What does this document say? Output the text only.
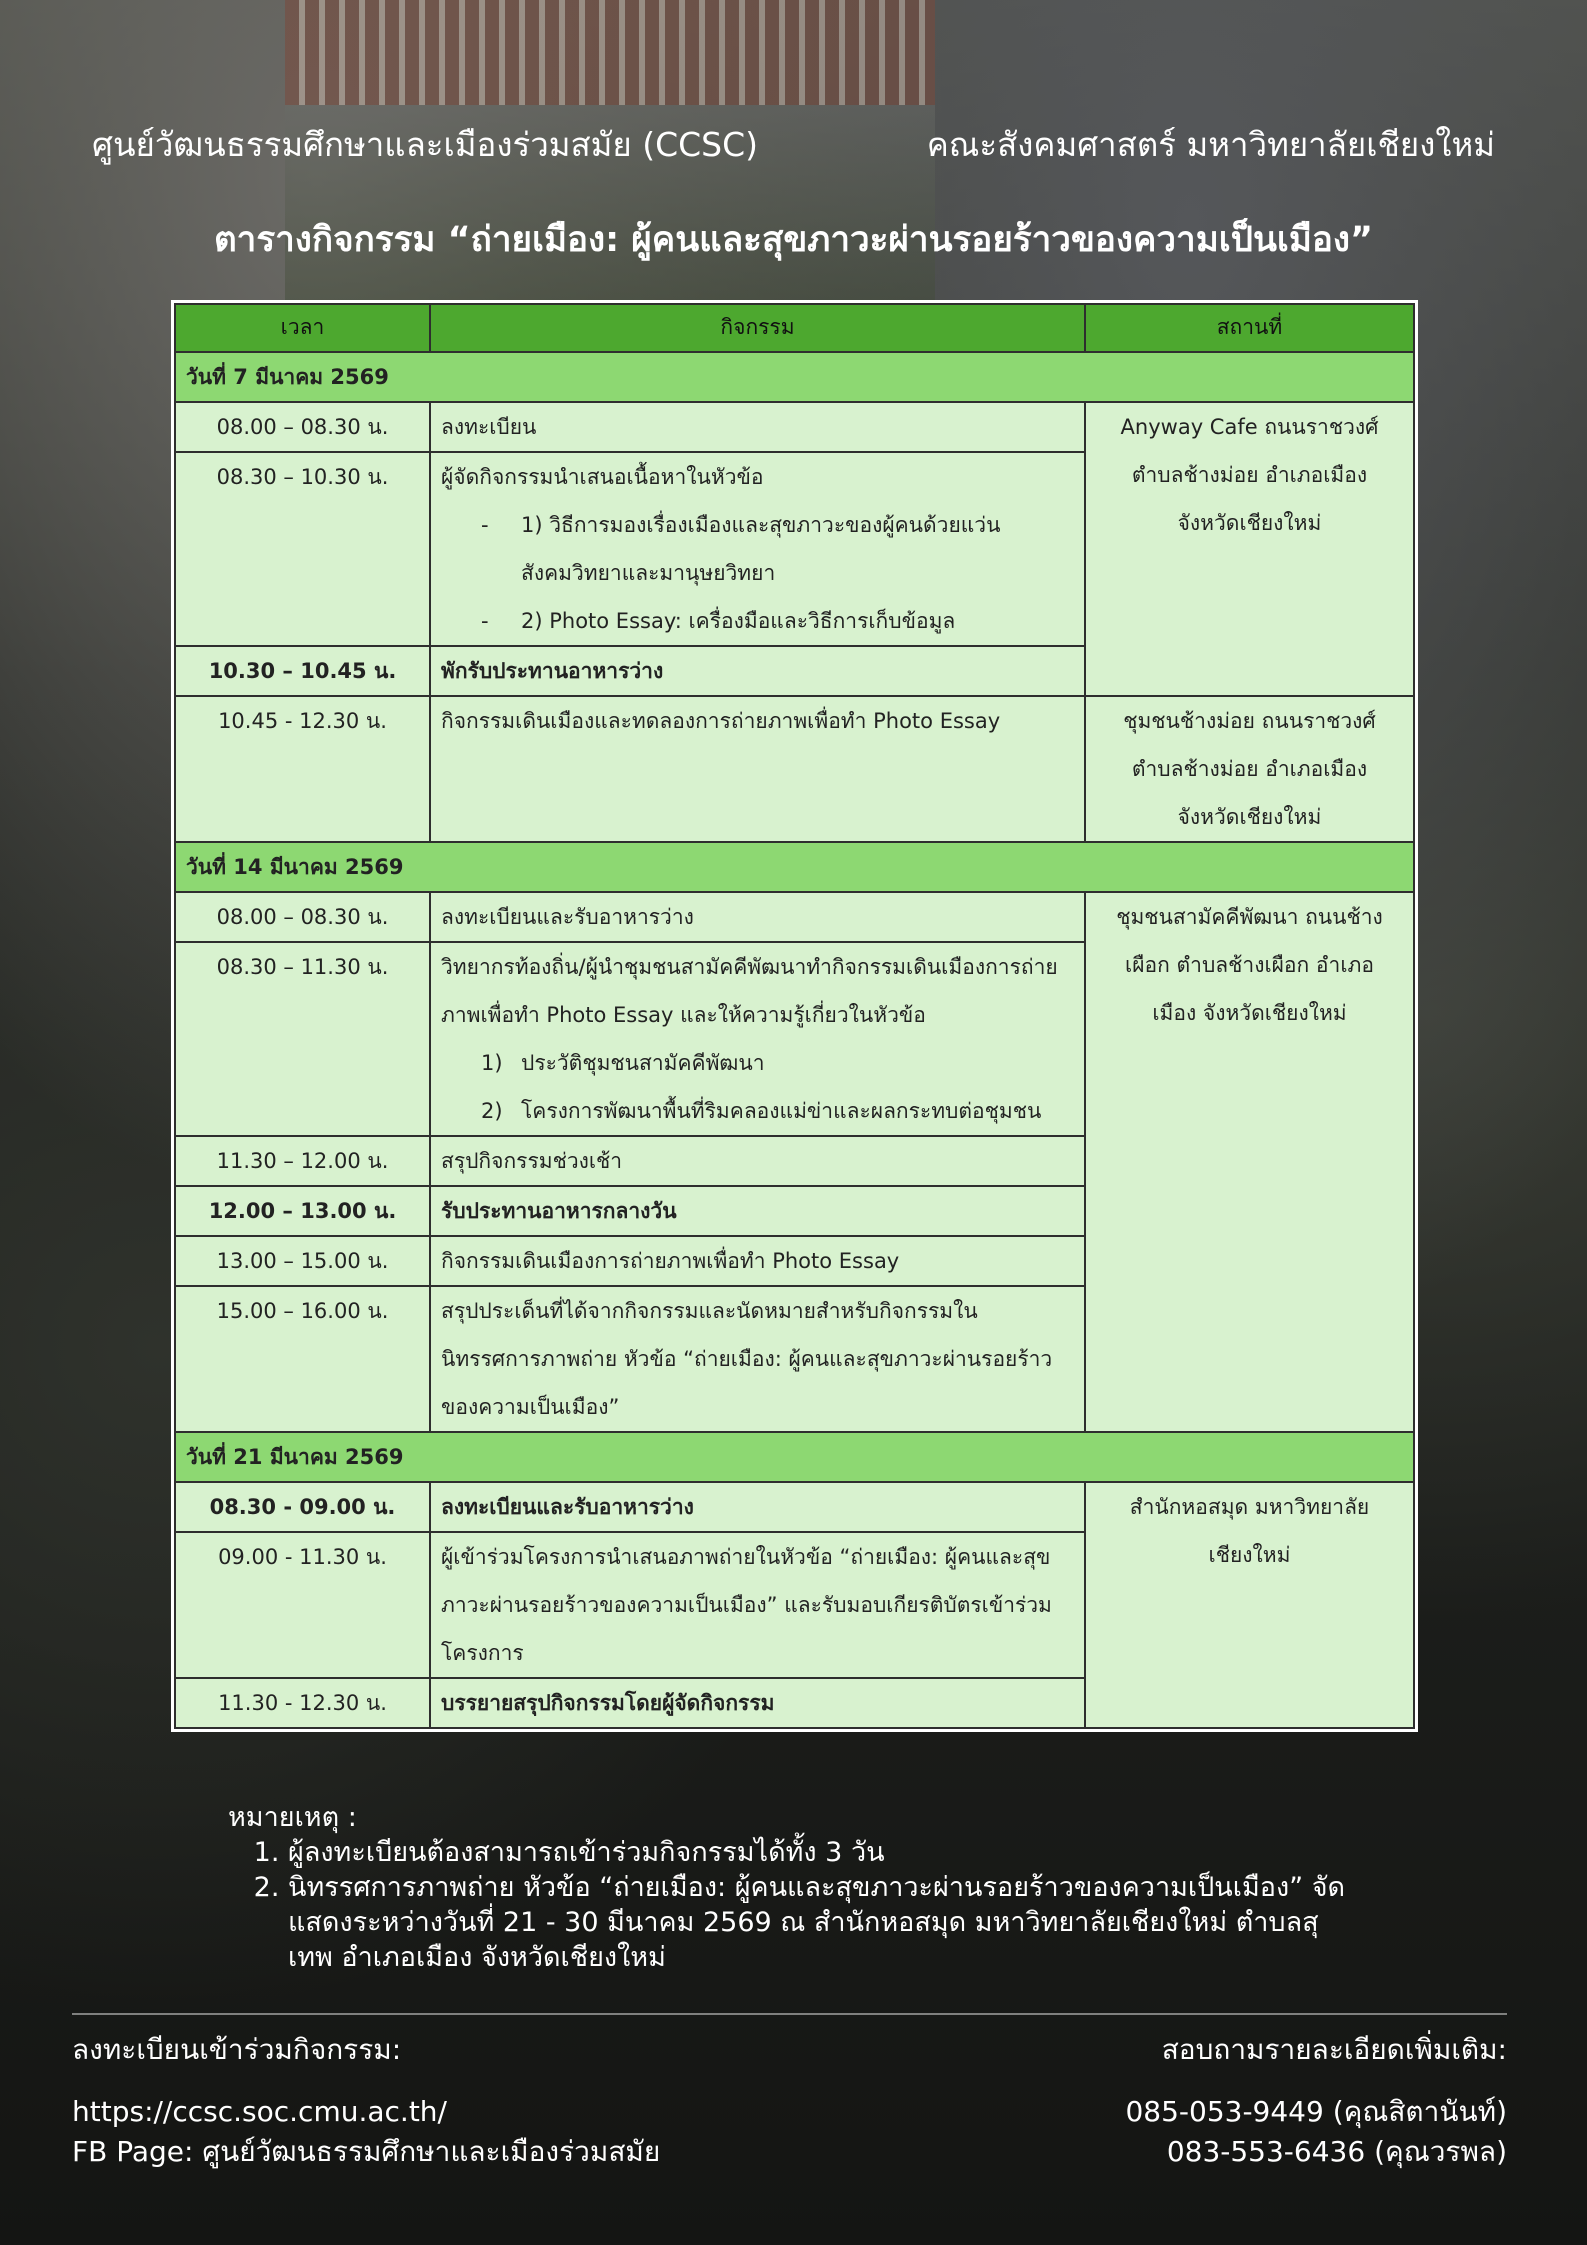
ศูนย์วัฒนธรรมศึกษาและเมืองร่วมสมัย (CCSC)	คณะสังคมศาสตร์ มหาวิทยาลัยเชียงใหม่
ตารางกิจกรรม “ถ่ายเมือง: ผู้คนและสุขภาวะผ่านรอยร้าวของความเป็นเมือง”
เวลา	กิจกรรม	สถานที่
วันที่ 7 มีนาคม 2569		
08.00 – 08.30 น.	ลงทะเบียน	Anyway Cafe ถนนราชวงศ์ ตำบลช้างม่อย อำเภอเมือง จังหวัดเชียงใหม่
08.30 – 10.30 น.	ผู้จัดกิจกรรมนำเสนอเนื้อหาในหัวข้อ
- 1) วิธีการมองเรื่องเมืองและสุขภาวะของผู้คนด้วยแว่นสังคมวิทยาและมานุษยวิทยา
- 2) Photo Essay: เครื่องมือและวิธีการเก็บข้อมูล	

10.30 – 10.45 น.	พักรับประทานอาหารว่าง	
10.45 - 12.30 น.	กิจกรรมเดินเมืองและทดลองการถ่ายภาพเพื่อทำ Photo Essay	ชุมชนช้างม่อย ถนนราชวงศ์ ตำบลช้างม่อย อำเภอเมือง จังหวัดเชียงใหม่
วันที่ 14 มีนาคม 2569		
08.00 – 08.30 น.	ลงทะเบียนและรับอาหารว่าง	ชุมชนสามัคคีพัฒนา ถนนช้างเผือก ตำบลช้างเผือก อำเภอเมือง จังหวัดเชียงใหม่
08.30 – 11.30 น.	วิทยากรท้องถิ่น/ผู้นำชุมชนสามัคคีพัฒนาทำกิจกรรมเดินเมืองการถ่ายภาพเพื่อทำ Photo Essay และให้ความรู้เกี่ยวในหัวข้อ
1) ประวัติชุมชนสามัคคีพัฒนา
2) โครงการพัฒนาพื้นที่ริมคลองแม่ข่าและผลกระทบต่อชุมชน	

11.30 – 12.00 น.	สรุปกิจกรรมช่วงเช้า	
12.00 – 13.00 น.	รับประทานอาหารกลางวัน	
13.00 – 15.00 น.	กิจกรรมเดินเมืองการถ่ายภาพเพื่อทำ Photo Essay	
15.00 – 16.00 น.	สรุปประเด็นที่ได้จากกิจกรรมและนัดหมายสำหรับกิจกรรมในนิทรรศการภาพถ่าย หัวข้อ “ถ่ายเมือง: ผู้คนและสุขภาวะผ่านรอยร้าวของความเป็นเมือง”	
วันที่ 21 มีนาคม 2569		
08.30 - 09.00 น.	ลงทะเบียนและรับอาหารว่าง	สำนักหอสมุด มหาวิทยาลัยเชียงใหม่
09.00 - 11.30 น.	ผู้เข้าร่วมโครงการนำเสนอภาพถ่ายในหัวข้อ “ถ่ายเมือง: ผู้คนและสุขภาวะผ่านรอยร้าวของความเป็นเมือง” และรับมอบเกียรติบัตรเข้าร่วมโครงการ	
11.30 - 12.30 น.	บรรยายสรุปกิจกรรมโดยผู้จัดกิจกรรม	
หมายเหตุ :
1. ผู้ลงทะเบียนต้องสามารถเข้าร่วมกิจกรรมได้ทั้ง 3 วัน
2. นิทรรศการภาพถ่าย หัวข้อ “ถ่ายเมือง: ผู้คนและสุขภาวะผ่านรอยร้าวของความเป็นเมือง” จัดแสดงระหว่างวันที่ 21 - 30 มีนาคม 2569 ณ สำนักหอสมุด มหาวิทยาลัยเชียงใหม่ ตำบลสุเทพ อำเภอเมือง จังหวัดเชียงใหม่
ลงทะเบียนเข้าร่วมกิจกรรม:
https://ccsc.soc.cmu.ac.th/
FB Page: ศูนย์วัฒนธรรมศึกษาและเมืองร่วมสมัย
สอบถามรายละเอียดเพิ่มเติม:
085-053-9449 (คุณสิตานันท์)
083-553-6436 (คุณวรพล)
